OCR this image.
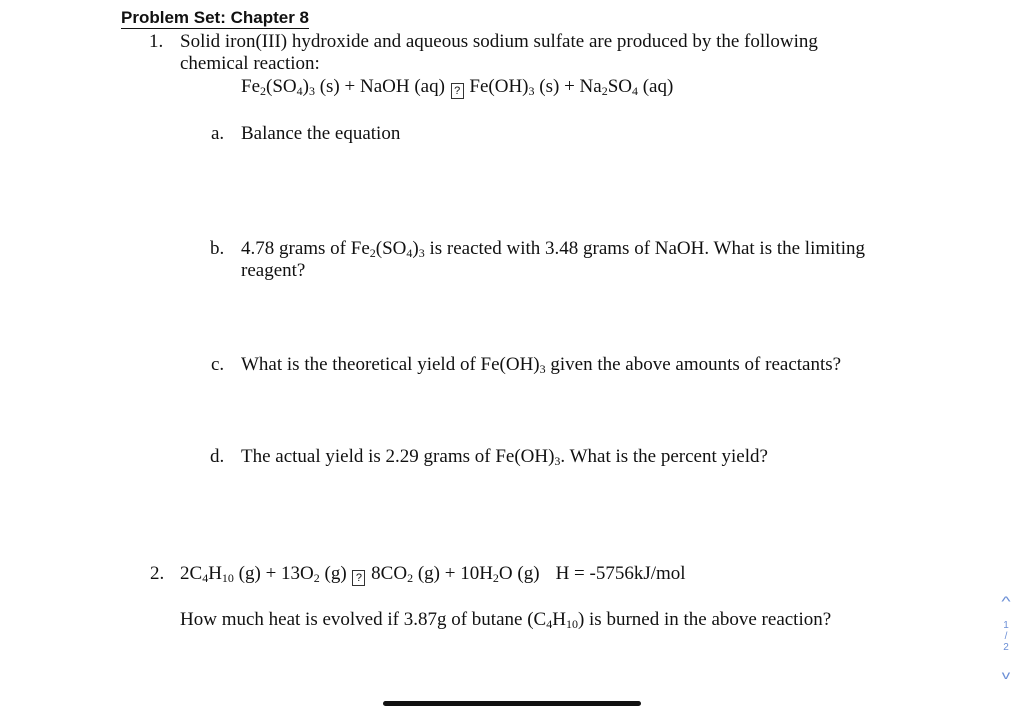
Problem Set: Chapter 8
1. Solid iron(III) hydroxide and aqueous sodium sulfate are produced by the following
chemical reaction:
$Fe_2(SO_4)_3$ (s) + NaOH (aq) ? $Fe(OH)_3$ $(s) + Na_2SO_4$ (aq)
a. Balance the equation
b. 4.78 grams of $Fe_2(SO_4)_3$ is reacted with 3.48 grams of NaOH. What is the limiting
reagent?
c. What is the theoretical yield of $Fe(OH)_3$ given the above amounts of reactants?
d. The actual yield is 2.29 grams of $Fe(OH)_3$. What is the percent yield?
2. $2C_4H_{10}$ $(g) + 13O_2$ (g) ? $8CO_2$ $(g) + 10H_2O$ (g) H = -5756kJ/mol
How much heat is evolved if 3.87g of butane $(C_4H_{10})$ is burned in the above reaction?
^
1
/
2
v
